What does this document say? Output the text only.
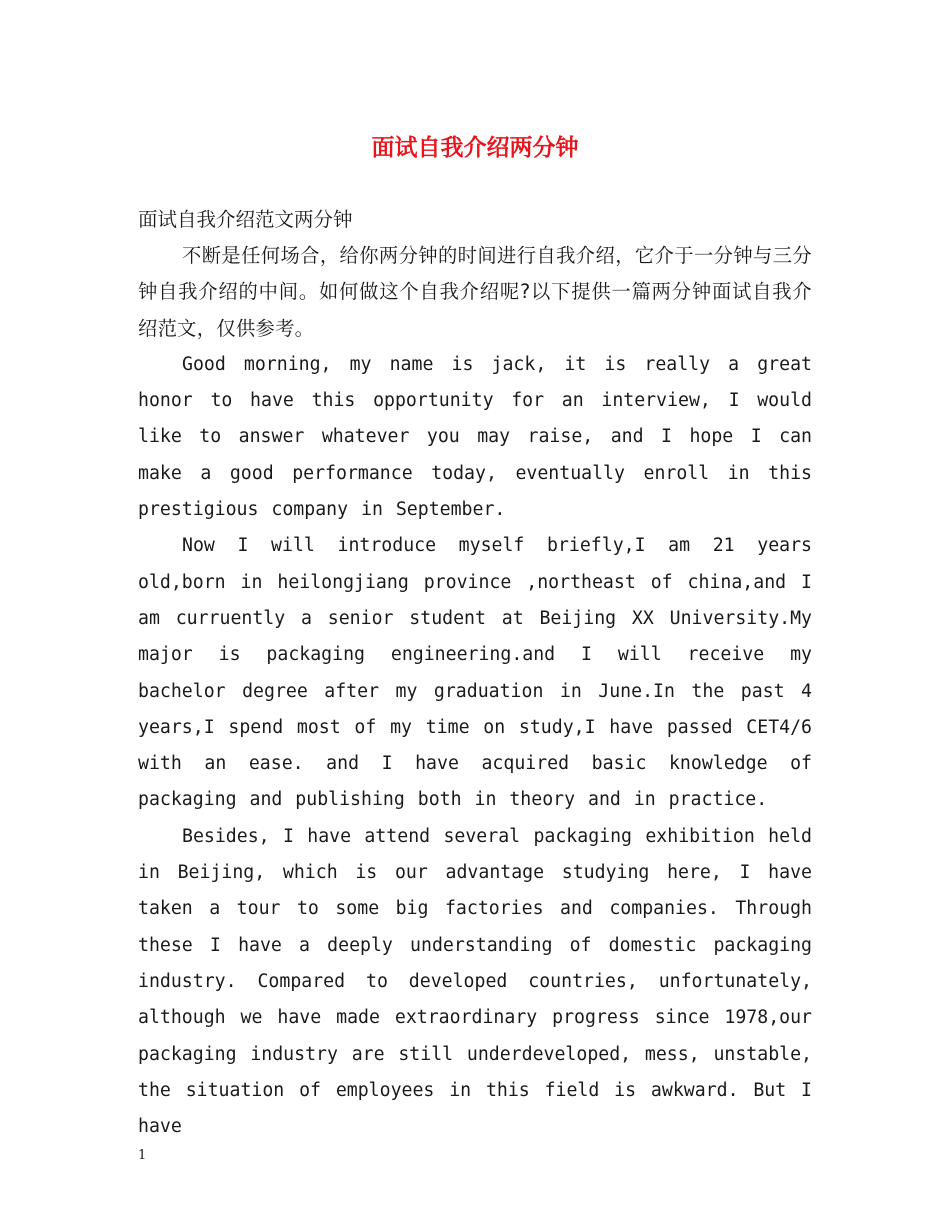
面试自我介绍两分钟
面试自我介绍范文两分钟

不断是任何场合，给你两分钟的时间进行自我介绍，它介于一分钟与三分钟自我介绍的中间。如何做这个自我介绍呢?以下提供一篇两分钟面试自我介绍范文，仅供参考。

Good morning, my name is jack, it is really a great honor to have this opportunity for an interview, I would like to answer whatever you may raise, and I hope I can make a good performance today, eventually enroll in this prestigious company in September.

Now I will introduce myself briefly,I am 21 years old,born in heilongjiang province ,northeast of china,and I am curruently a senior student at Beijing XX University.My major is packaging engineering.and I will receive my bachelor degree after my graduation in June.In the past 4 years,I spend most of my time on study,I have passed CET4/6 with an ease. and I have acquired basic knowledge of packaging and publishing both in theory and in practice.

Besides, I have attend several packaging exhibition held in Beijing, which is our advantage studying here, I have taken a tour to some big factories and companies. Through these I have a deeply understanding of domestic packaging industry. Compared to developed countries, unfortunately, although we have made extraordinary progress since 1978,our packaging industry are still underdeveloped, mess, unstable, the situation of employees in this field is awkward. But I have

1
